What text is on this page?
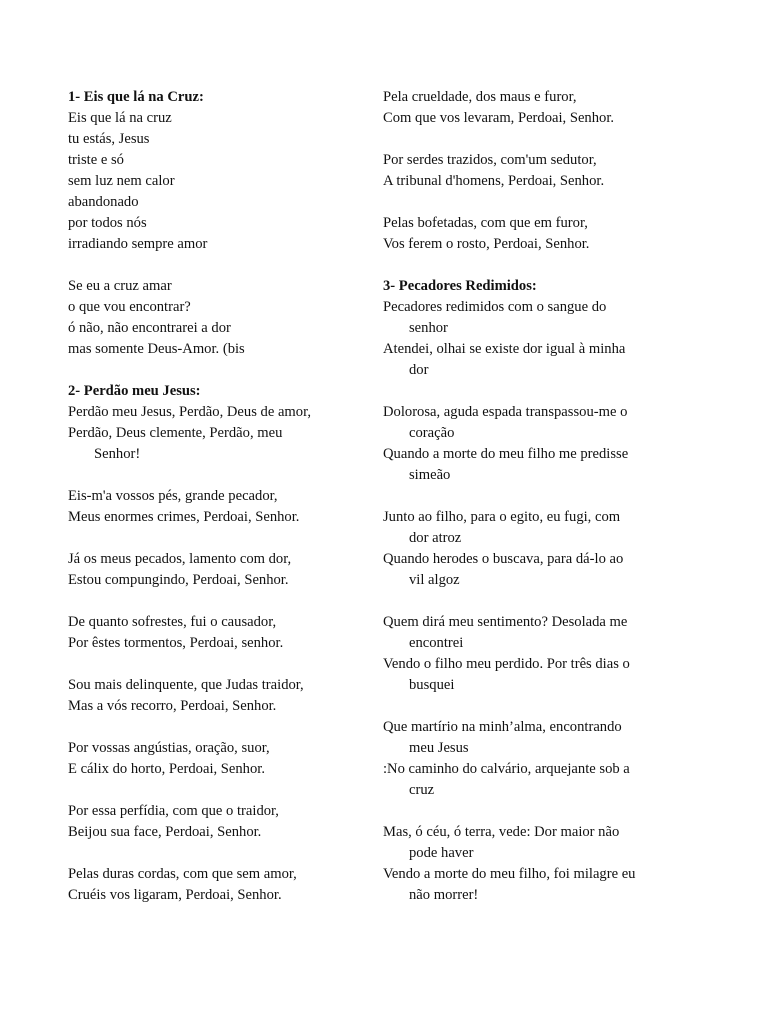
1- Eis que lá na Cruz:
Eis que lá na cruz
tu estás, Jesus
triste e só
sem luz nem calor
abandonado
por todos nós
irradiando sempre amor
Se eu a cruz amar
o que vou encontrar?
ó não, não encontrarei a dor
mas somente Deus-Amor. (bis
2- Perdão meu Jesus:
Perdão meu Jesus, Perdão, Deus de amor,
Perdão, Deus clemente, Perdão, meu
Senhor!
Eis-m'a vossos pés, grande pecador,
Meus enormes crimes, Perdoai, Senhor.
Já os meus pecados, lamento com dor,
Estou compungindo, Perdoai, Senhor.
De quanto sofrestes, fui o causador,
Por êstes tormentos, Perdoai, senhor.
Sou mais delinquente, que Judas traidor,
Mas a vós recorro, Perdoai, Senhor.
Por vossas angústias, oração, suor,
E cálix do horto, Perdoai, Senhor.
Por essa perfídia, com que o traidor,
Beijou sua face, Perdoai, Senhor.
Pelas duras cordas, com que sem amor,
Cruéis vos ligaram, Perdoai, Senhor.
Pela crueldade, dos maus e furor,
Com que vos levaram, Perdoai, Senhor.
Por serdes trazidos, com'um sedutor,
A tribunal d'homens, Perdoai, Senhor.
Pelas bofetadas, com que em furor,
Vos ferem o rosto, Perdoai, Senhor.
3- Pecadores Redimidos:
Pecadores redimidos com o sangue do
senhor
Atendei, olhai se existe dor igual à minha
dor
Dolorosa, aguda espada transpassou-me o
coração
Quando a morte do meu filho me predisse
simeão
Junto ao filho, para o egito, eu fugi, com
dor atroz
Quando herodes o buscava, para dá-lo ao
vil algoz
Quem dirá meu sentimento? Desolada me
encontrei
Vendo o filho meu perdido. Por três dias o
busquei
Que martírio na minh’alma, encontrando
meu Jesus
:No caminho do calvário, arquejante sob a
cruz
Mas, ó céu, ó terra, vede: Dor maior não
pode haver
Vendo a morte do meu filho, foi milagre eu
não morrer!
